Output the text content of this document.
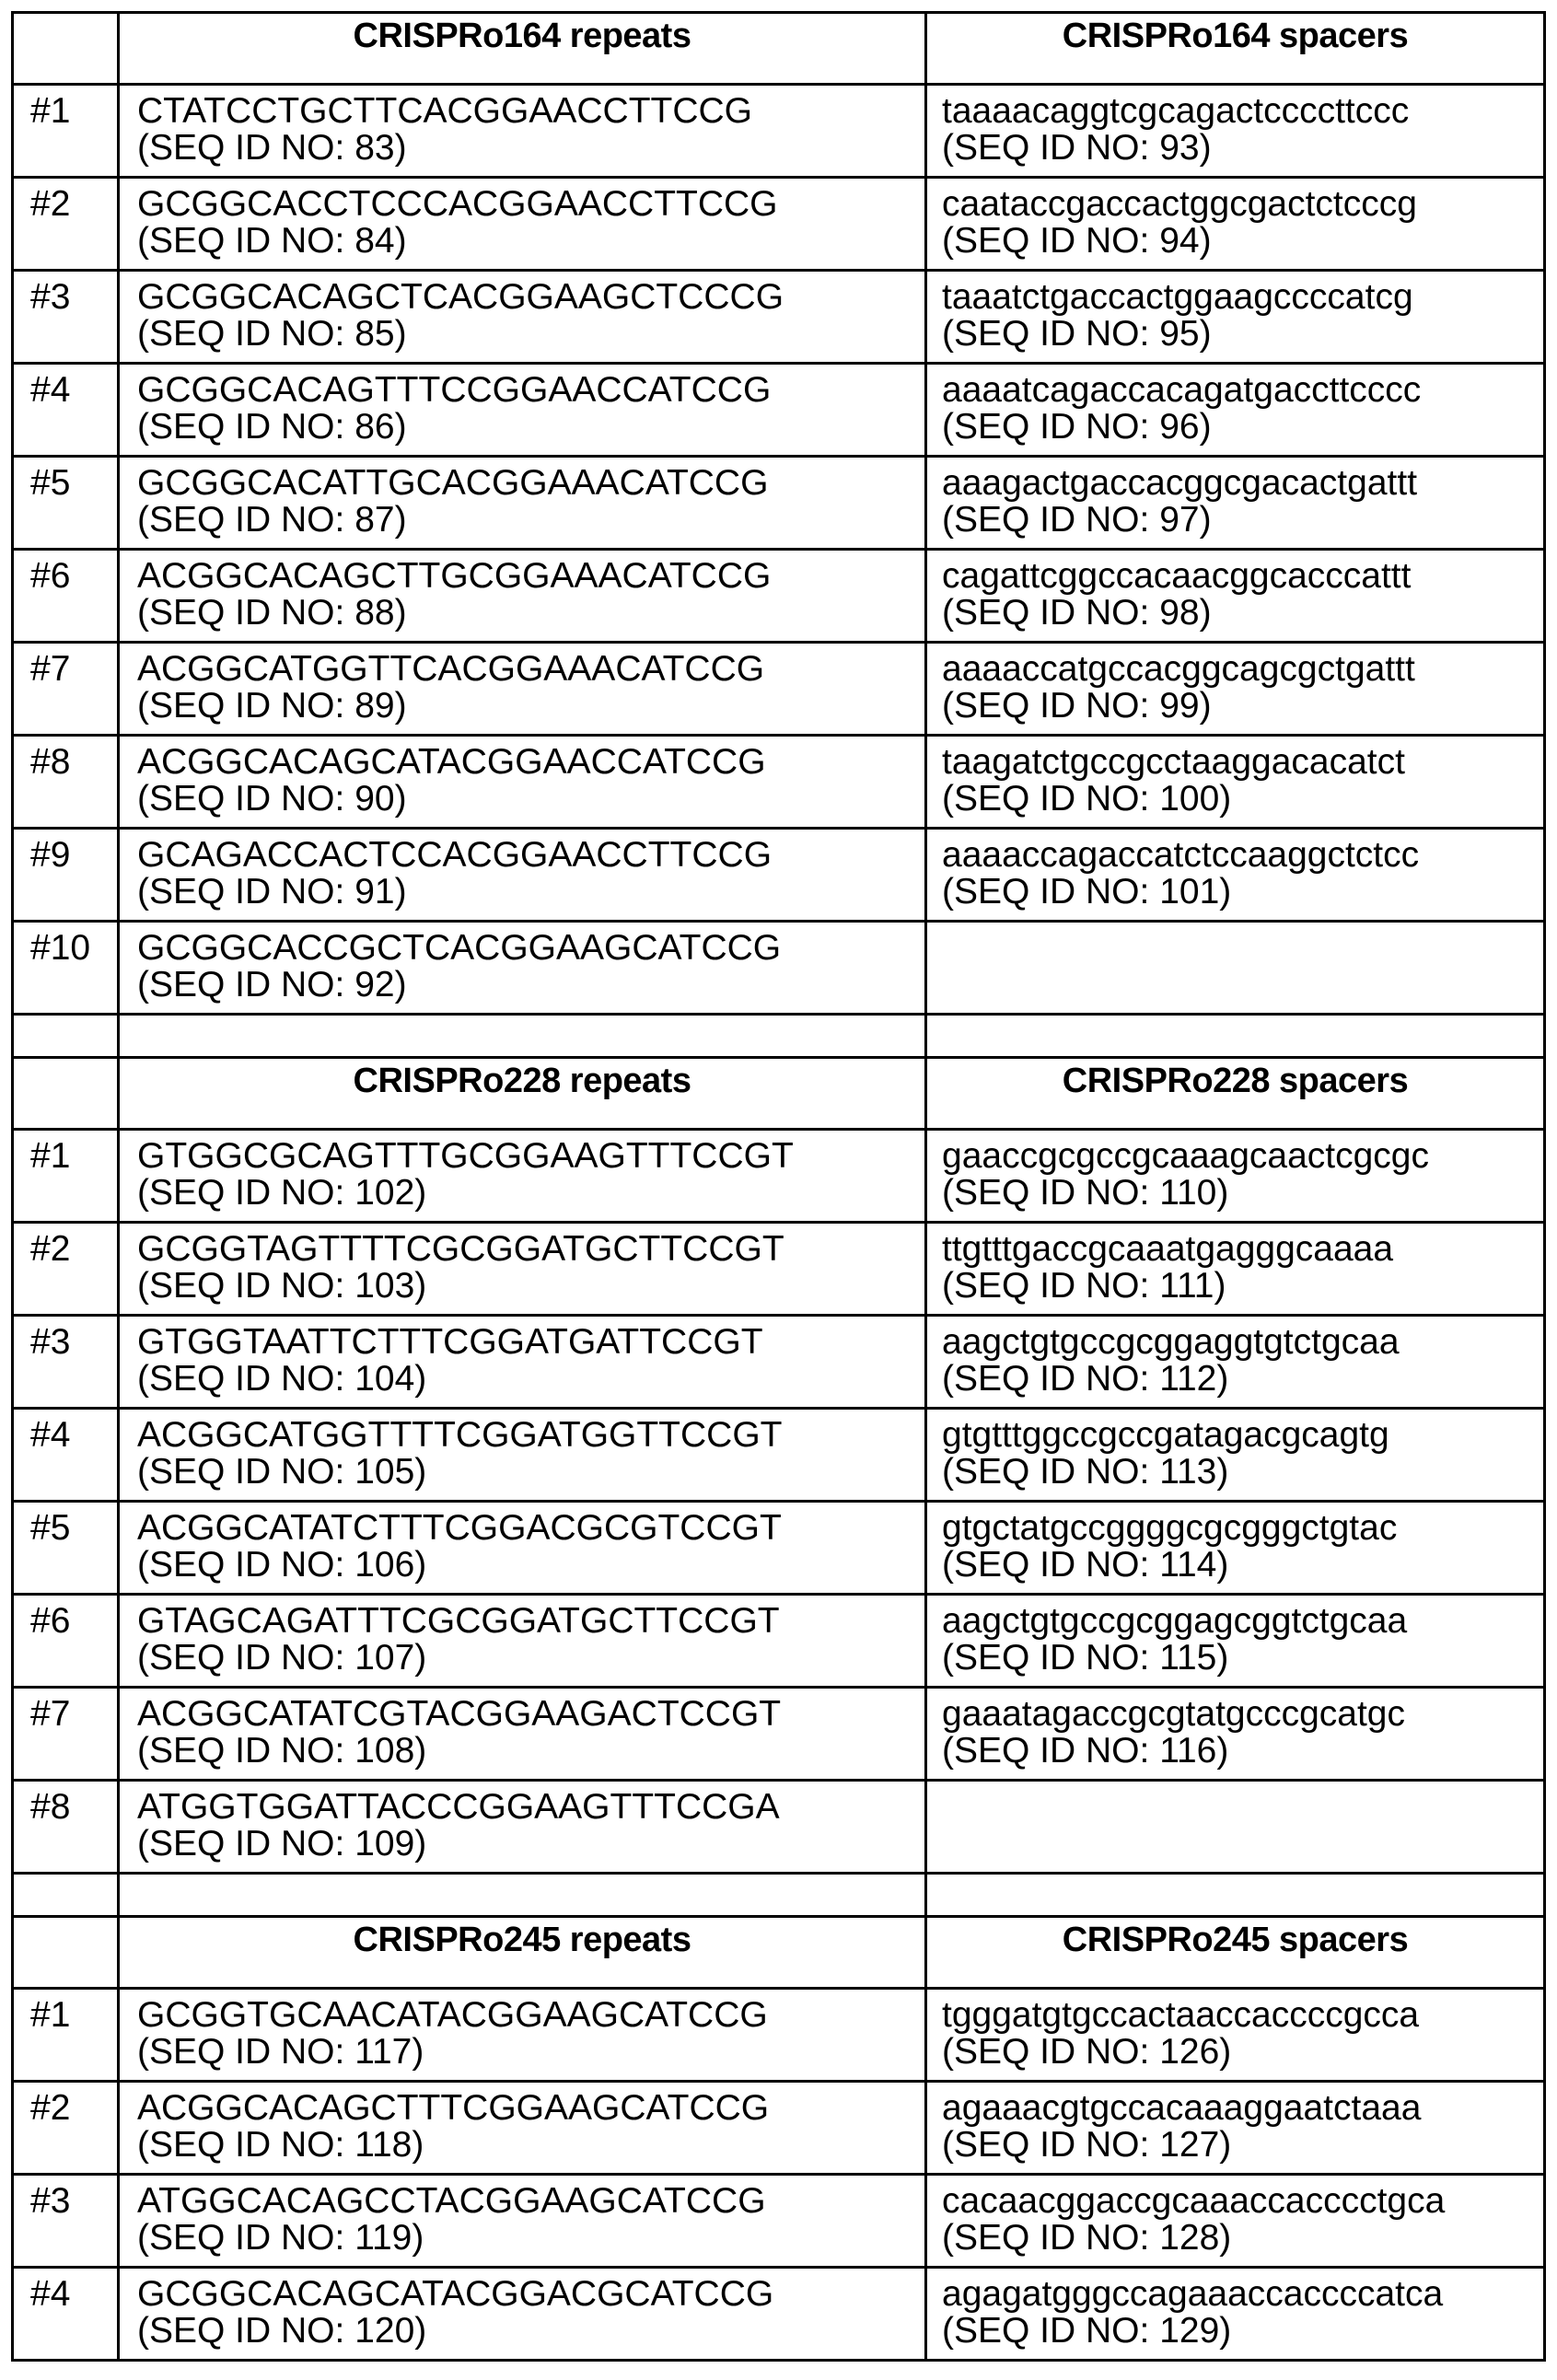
	CRISPRo164 repeats	CRISPRo164 spacers
#1	CTATCCTGCTTCACGGAACCTTCCG
(SEQ ID NO: 83)

taaaacaggtcgcagactccccttccc
(SEQ ID NO: 93)

#2	GCGGCACCTCCCACGGAACCTTCCG
(SEQ ID NO: 84)

caataccgaccactggcgactctcccg
(SEQ ID NO: 94)

#3	GCGGCACAGCTCACGGAAGCTCCCG
(SEQ ID NO: 85)

taaatctgaccactggaagccccatcg
(SEQ ID NO: 95)

#4	GCGGCACAGTTTCCGGAACCATCCG
(SEQ ID NO: 86)

aaaatcagaccacagatgaccttcccc
(SEQ ID NO: 96)

#5	GCGGCACATTGCACGGAAACATCCG
(SEQ ID NO: 87)

aaagactgaccacggcgacactgattt
(SEQ ID NO: 97)

#6	ACGGCACAGCTTGCGGAAACATCCG
(SEQ ID NO: 88)

cagattcggccacaacggcacccattt
(SEQ ID NO: 98)

#7	ACGGCATGGTTCACGGAAACATCCG
(SEQ ID NO: 89)

aaaaccatgccacggcagcgctgattt
(SEQ ID NO: 99)

#8	ACGGCACAGCATACGGAACCATCCG
(SEQ ID NO: 90)

taagatctgccgcctaaggacacatct
(SEQ ID NO: 100)

#9	GCAGACCACTCCACGGAACCTTCCG
(SEQ ID NO: 91)

aaaaccagaccatctccaaggctctcc
(SEQ ID NO: 101)

#10	GCGGCACCGCTCACGGAAGCATCCG
(SEQ ID NO: 92)

	CRISPRo228 repeats	CRISPRo228 spacers
#1	GTGGCGCAGTTTGCGGAAGTTTCCGT
(SEQ ID NO: 102)

gaaccgcgccgcaaagcaactcgcgc
(SEQ ID NO: 110)

#2	GCGGTAGTTTTCGCGGATGCTTCCGT
(SEQ ID NO: 103)

ttgtttgaccgcaaatgagggcaaaa
(SEQ ID NO: 111)

#3	GTGGTAATTCTTTCGGATGATTCCGT
(SEQ ID NO: 104)

aagctgtgccgcggaggtgtctgcaa
(SEQ ID NO: 112)

#4	ACGGCATGGTTTTCGGATGGTTCCGT
(SEQ ID NO: 105)

gtgtttggccgccgatagacgcagtg
(SEQ ID NO: 113)

#5	ACGGCATATCTTTCGGACGCGTCCGT
(SEQ ID NO: 106)

gtgctatgccggggcgcgggctgtac
(SEQ ID NO: 114)

#6	GTAGCAGATTTCGCGGATGCTTCCGT
(SEQ ID NO: 107)

aagctgtgccgcggagcggtctgcaa
(SEQ ID NO: 115)

#7	ACGGCATATCGTACGGAAGACTCCGT
(SEQ ID NO: 108)

gaaatagaccgcgtatgcccgcatgc
(SEQ ID NO: 116)

#8	ATGGTGGATTACCCGGAAGTTTCCGA
(SEQ ID NO: 109)

	CRISPRo245 repeats	CRISPRo245 spacers
#1	GCGGTGCAACATACGGAAGCATCCG
(SEQ ID NO: 117)

tgggatgtgccactaaccaccccgcca
(SEQ ID NO: 126)

#2	ACGGCACAGCTTTCGGAAGCATCCG
(SEQ ID NO: 118)

agaaacgtgccacaaaggaatctaaa
(SEQ ID NO: 127)

#3	ATGGCACAGCCTACGGAAGCATCCG
(SEQ ID NO: 119)

cacaacggaccgcaaaccacccctgca
(SEQ ID NO: 128)

#4	GCGGCACAGCATACGGACGCATCCG
(SEQ ID NO: 120)

agagatgggccagaaaccaccccatca
(SEQ ID NO: 129)
